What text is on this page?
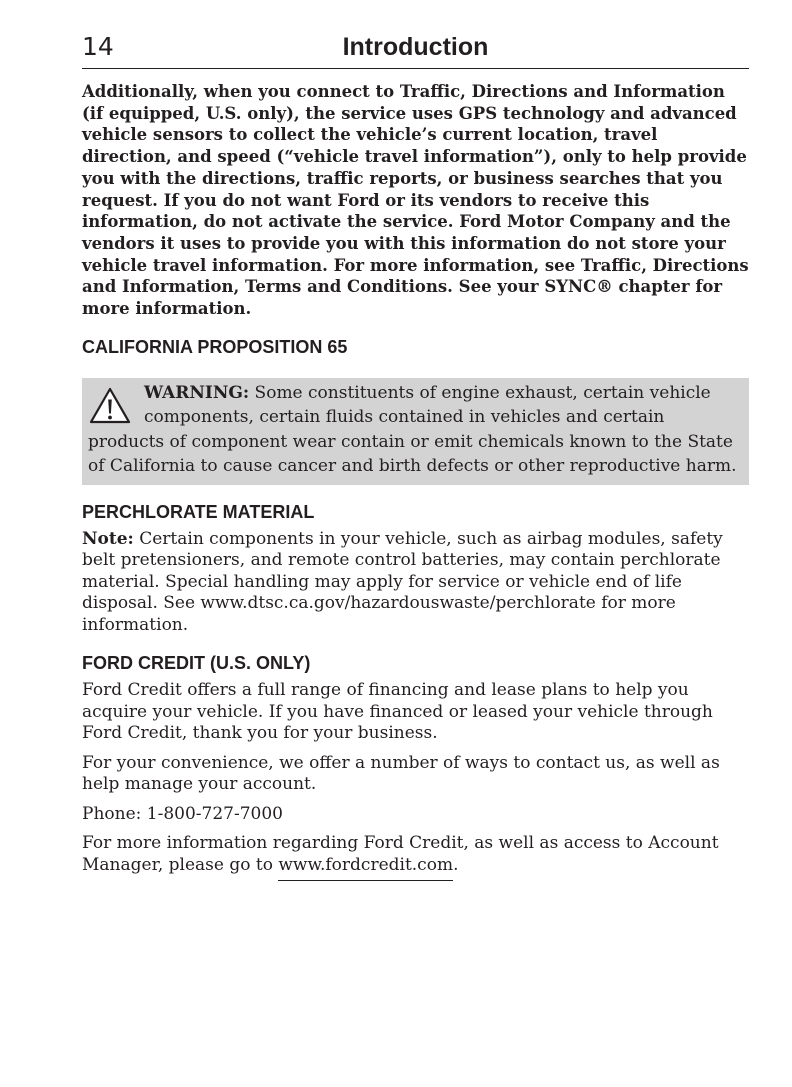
14	Introduction

Additionally, when you connect to Traffic, Directions and Information (if equipped, U.S. only), the service uses GPS technology and advanced vehicle sensors to collect the vehicle’s current location, travel direction, and speed (“vehicle travel information”), only to help provide you with the directions, traffic reports, or business searches that you request. If you do not want Ford or its vendors to receive this information, do not activate the service. Ford Motor Company and the vendors it uses to provide you with this information do not store your vehicle travel information. For more information, see Traffic, Directions and Information, Terms and Conditions. See your SYNC® chapter for more information.

CALIFORNIA PROPOSITION 65
WARNING: Some constituents of engine exhaust, certain vehicle components, certain fluids contained in vehicles and certain products of component wear contain or emit chemicals known to the State of California to cause cancer and birth defects or other reproductive harm.
PERCHLORATE MATERIAL

Note: Certain components in your vehicle, such as airbag modules, safety belt pretensioners, and remote control batteries, may contain perchlorate material. Special handling may apply for service or vehicle end of life disposal. See www.dtsc.ca.gov/hazardouswaste/perchlorate for more information.

FORD CREDIT (U.S. ONLY)

Ford Credit offers a full range of financing and lease plans to help you acquire your vehicle. If you have financed or leased your vehicle through Ford Credit, thank you for your business.

For your convenience, we offer a number of ways to contact us, as well as help manage your account.

Phone: 1-800-727-7000

For more information regarding Ford Credit, as well as access to Account Manager, please go to www.fordcredit.com.
